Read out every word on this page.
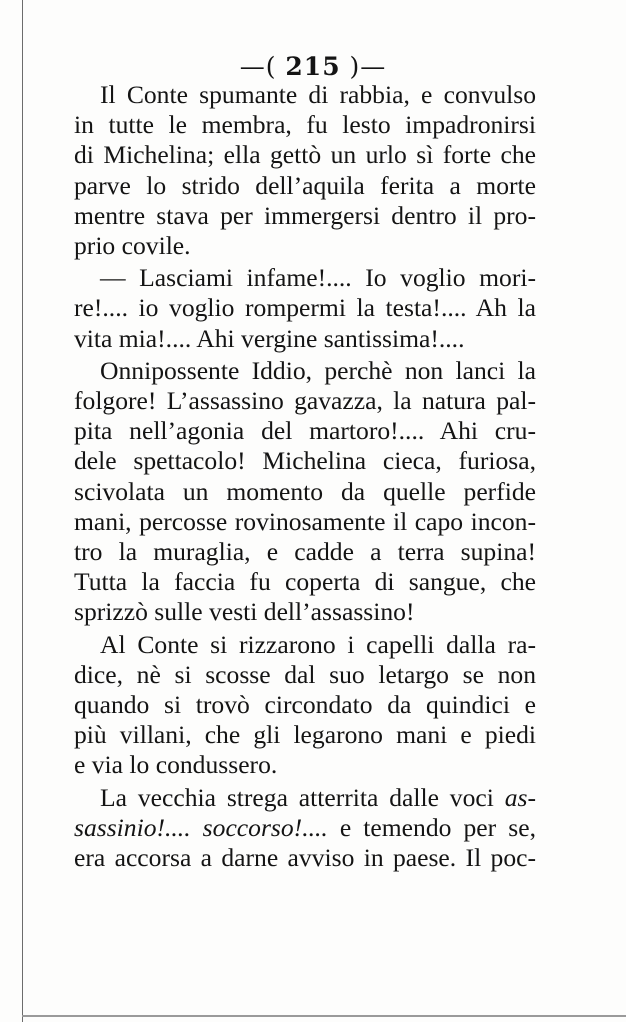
—( 215 )—
Il Conte spumante di rabbia, e convulso
in tutte le membra, fu lesto impadronirsi
di Michelina; ella gettò un urlo sì forte che
parve lo strido dell’aquila ferita a morte
mentre stava per immergersi dentro il pro-
prio covile.
— Lasciami infame!.... Io voglio mori-
re!.... io voglio rompermi la testa!.... Ah la
vita mia!.... Ahi vergine santissima!....
Onnipossente Iddio, perchè non lanci la
folgore! L’assassino gavazza, la natura pal-
pita nell’agonia del martoro!.... Ahi cru-
dele spettacolo! Michelina cieca, furiosa,
scivolata un momento da quelle perfide
mani, percosse rovinosamente il capo incon-
tro la muraglia, e cadde a terra supina!
Tutta la faccia fu coperta di sangue, che
sprizzò sulle vesti dell’assassino!
Al Conte si rizzarono i capelli dalla ra-
dice, nè si scosse dal suo letargo se non
quando si trovò circondato da quindici e
più villani, che gli legarono mani e piedi
e via lo condussero.
La vecchia strega atterrita dalle voci as-
sassinio!.... soccorso!.... e temendo per se,
era accorsa a darne avviso in paese. Il poc-
